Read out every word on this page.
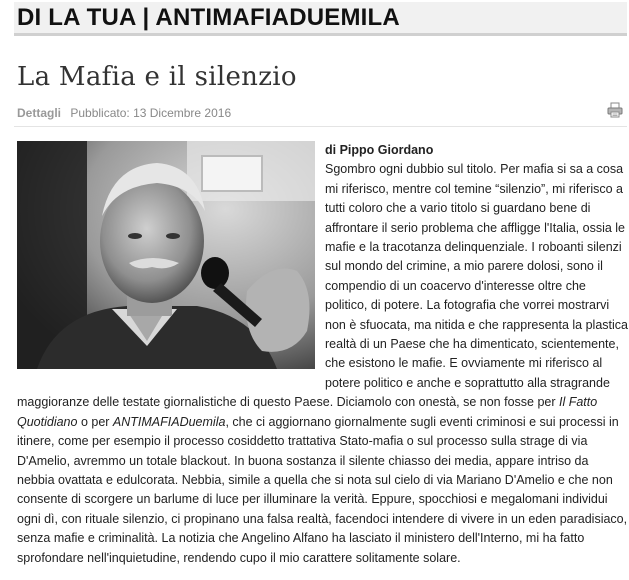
DI LA TUA | ANTIMAFIADUEMILA
La Mafia e il silenzio
Dettagli Pubblicato: 13 Dicembre 2016

di Pippo Giordano
Sgombro ogni dubbio sul titolo. Per mafia si sa a cosa mi riferisco, mentre col temine “silenzio”, mi riferisco a tutti coloro che a vario titolo si guardano bene di affrontare il serio problema che affligge l'Italia, ossia le mafie e la tracotanza delinquenziale. I roboanti silenzi sul mondo del crimine, a mio parere dolosi, sono il compendio di un coacervo d'interesse oltre che politico, di potere. La fotografia che vorrei mostrarvi non è sfuocata, ma nitida e che rappresenta la plastica realtà di un Paese che ha dimenticato, scientemente, che esistono le mafie. E ovviamente mi riferisco al potere politico e anche e soprattutto alla stragrande maggioranze delle testate giornalistiche di questo Paese. Diciamolo con onestà, se non fosse per Il Fatto Quotidiano o per ANTIMAFIADuemila, che ci aggiornano giornalmente sugli eventi criminosi e sui processi in itinere, come per esempio il processo cosiddetto trattativa Stato-mafia o sul processo sulla strage di via D'Amelio, avremmo un totale blackout. In buona sostanza il silente chiasso dei media, appare intriso da nebbia ovattata e edulcorata. Nebbia, simile a quella che si nota sul cielo di via Mariano D'Amelio e che non consente di scorgere un barlume di luce per illuminare la verità. Eppure, spocchiosi e megalomani individui ogni dì, con rituale silenzio, ci propinano una falsa realtà, facendoci intendere di vivere in un eden paradisiaco, senza mafie e criminalità. La notizia che Angelino Alfano ha lasciato il ministero dell'Interno, mi ha fatto sprofondare nell'inquietudine, rendendo cupo il mio carattere solitamente solare.
